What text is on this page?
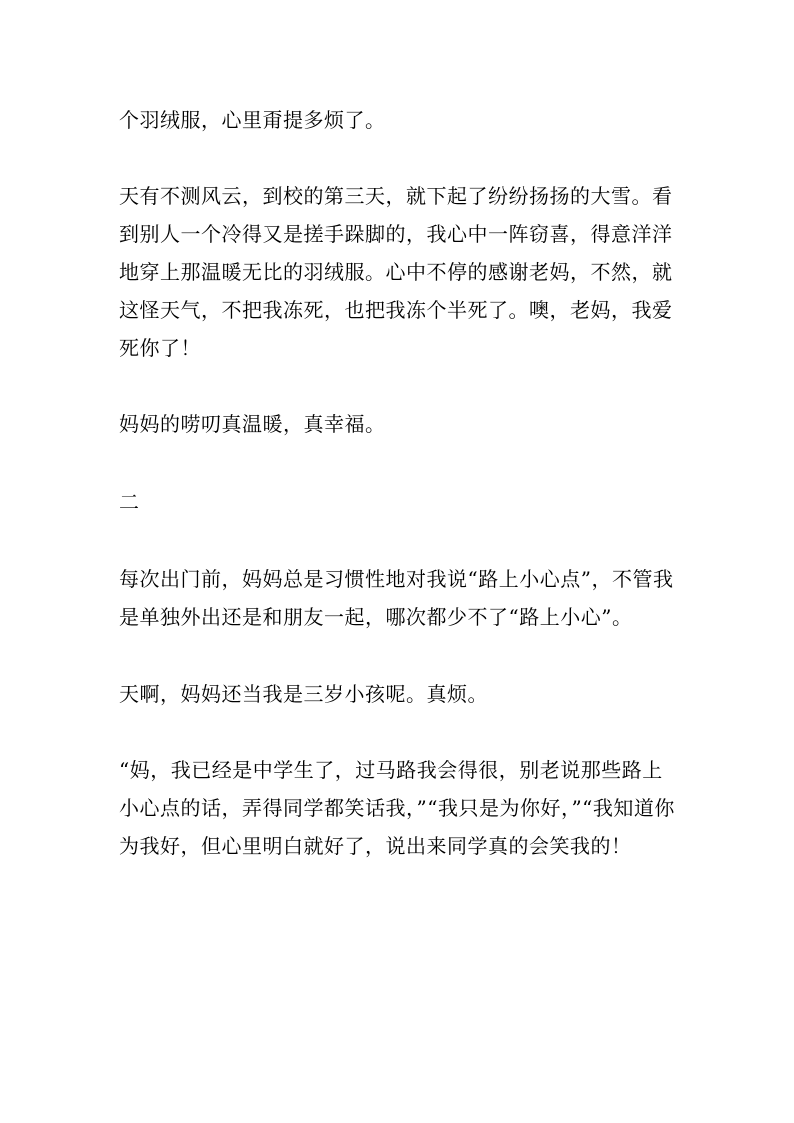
个羽绒服，心里甭提多烦了。

天有不测风云，到校的第三天，就下起了纷纷扬扬的大雪。看到别人一个冷得又是搓手跺脚的，我心中一阵窃喜，得意洋洋地穿上那温暖无比的羽绒服。心中不停的感谢老妈，不然，就这怪天气，不把我冻死，也把我冻个半死了。噢，老妈，我爱死你了！

妈妈的唠叨真温暖，真幸福。

二

每次出门前，妈妈总是习惯性地对我说“路上小心点”，不管我是单独外出还是和朋友一起，哪次都少不了“路上小心”。

天啊，妈妈还当我是三岁小孩呢。真烦。

“妈，我已经是中学生了，过马路我会得很，别老说那些路上小心点的话，弄得同学都笑话我，”“我只是为你好，”“我知道你为我好，但心里明白就好了，说出来同学真的会笑我的！
